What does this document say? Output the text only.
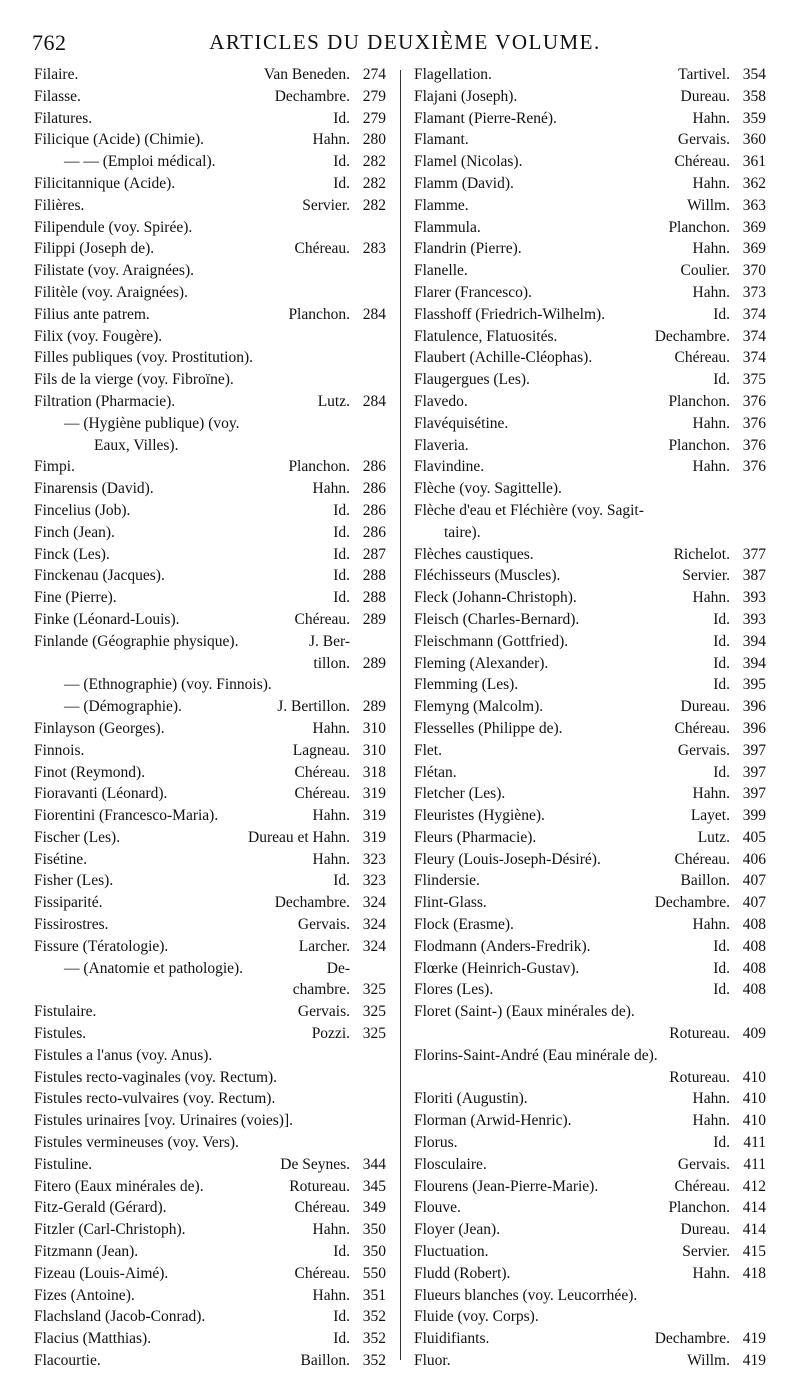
762	ARTICLES DU DEUXIÈME VOLUME.
Filaire.	Van Beneden. 274
Filasse.	Dechambre. 279
Filatures.	Id. 279
Filicique (Acide) (Chimie).	Hahn. 280
— — (Emploi médical).	Id. 282
Filicitannique (Acide).	Id. 282
Filières.	Servier. 282
Filipendule (voy. Spirée).
Filippi (Joseph de).	Chéreau. 283
Filistate (voy. Araignées).
Filitèle (voy. Araignées).
Filius ante patrem.	Planchon. 284
Filix (voy. Fougère).
Filles publiques (voy. Prostitution).
Fils de la vierge (voy. Fibroïne).
Filtration (Pharmacie).	Lutz. 284
— (Hygiène publique) (voy.
Eaux, Villes).
Fimpi.	Planchon. 286
Finarensis (David).	Hahn. 286
Fincelius (Job).	Id. 286
Finch (Jean).	Id. 286
Finck (Les).	Id. 287
Finckenau (Jacques).	Id. 288
Fine (Pierre).	Id. 288
Finke (Léonard-Louis).	Chéreau. 289
Finlande (Géographie physique).	J. Ber-
tillon. 289
— (Ethnographie) (voy. Finnois).
— (Démographie).	J. Bertillon. 289
Finlayson (Georges).	Hahn. 310
Finnois.	Lagneau. 310
Finot (Reymond).	Chéreau. 318
Fioravanti (Léonard).	Chéreau. 319
Fiorentini (Francesco-Maria).	Hahn. 319
Fischer (Les).	Dureau et Hahn. 319
Fisétine.	Hahn. 323
Fisher (Les).	Id. 323
Fissiparité.	Dechambre. 324
Fissirostres.	Gervais. 324
Fissure (Tératologie).	Larcher. 324
— (Anatomie et pathologie).	De-
chambre. 325
Fistulaire.	Gervais. 325
Fistules.	Pozzi. 325
Fistules a l'anus (voy. Anus).
Fistules recto-vaginales (voy. Rectum).
Fistules recto-vulvaires (voy. Rectum).
Fistules urinaires [voy. Urinaires (voies)].
Fistules vermineuses (voy. Vers).
Fistuline.	De Seynes. 344
Fitero (Eaux minérales de).	Rotureau. 345
Fitz-Gerald (Gérard).	Chéreau. 349
Fitzler (Carl-Christoph).	Hahn. 350
Fitzmann (Jean).	Id. 350
Fizeau (Louis-Aimé).	Chéreau. 550
Fizes (Antoine).	Hahn. 351
Flachsland (Jacob-Conrad).	Id. 352
Flacius (Matthias).	Id. 352
Flacourtie.	Baillon. 352
Flagellation.	Tartivel. 354
Flajani (Joseph).	Dureau. 358
Flamant (Pierre-René).	Hahn. 359
Flamant.	Gervais. 360
Flamel (Nicolas).	Chéreau. 361
Flamm (David).	Hahn. 362
Flamme.	Willm. 363
Flammula.	Planchon. 369
Flandrin (Pierre).	Hahn. 369
Flanelle.	Coulier. 370
Flarer (Francesco).	Hahn. 373
Flasshoff (Friedrich-Wilhelm).	Id. 374
Flatulence, Flatuosités.	Dechambre. 374
Flaubert (Achille-Cléophas).	Chéreau. 374
Flaugergues (Les).	Id. 375
Flavedo.	Planchon. 376
Flavéquisétine.	Hahn. 376
Flaveria.	Planchon. 376
Flavindine.	Hahn. 376
Flèche (voy. Sagittelle).
Flèche d'eau et Fléchière (voy. Sagit-
taire).
Flèches caustiques.	Richelot. 377
Fléchisseurs (Muscles).	Servier. 387
Fleck (Johann-Christoph).	Hahn. 393
Fleisch (Charles-Bernard).	Id. 393
Fleischmann (Gottfried).	Id. 394
Fleming (Alexander).	Id. 394
Flemming (Les).	Id. 395
Flemyng (Malcolm).	Dureau. 396
Flesselles (Philippe de).	Chéreau. 396
Flet.	Gervais. 397
Flétan.	Id. 397
Fletcher (Les).	Hahn. 397
Fleuristes (Hygiène).	Layet. 399
Fleurs (Pharmacie).	Lutz. 405
Fleury (Louis-Joseph-Désiré).	Chéreau. 406
Flindersie.	Baillon. 407
Flint-Glass.	Dechambre. 407
Flock (Erasme).	Hahn. 408
Flodmann (Anders-Fredrik).	Id. 408
Flœrke (Heinrich-Gustav).	Id. 408
Flores (Les).	Id. 408
Floret (Saint-) (Eaux minérales de).
Rotureau. 409
Florins-Saint-André (Eau minérale de).
Rotureau. 410
Floriti (Augustin).	Hahn. 410
Florman (Arwid-Henric).	Hahn. 410
Florus.	Id. 411
Flosculaire.	Gervais. 411
Flourens (Jean-Pierre-Marie).	Chéreau. 412
Flouve.	Planchon. 414
Floyer (Jean).	Dureau. 414
Fluctuation.	Servier. 415
Fludd (Robert).	Hahn. 418
Flueurs blanches (voy. Leucorrhée).
Fluide (voy. Corps).
Fluidifiants.	Dechambre. 419
Fluor.	Willm. 419
